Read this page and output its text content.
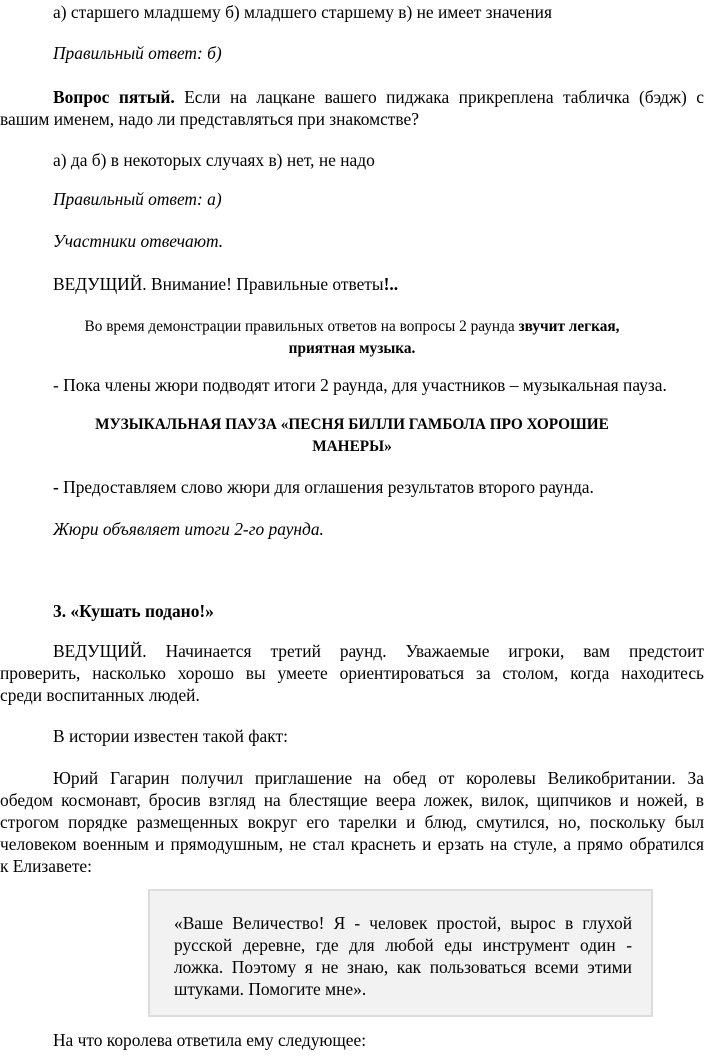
а) старшего младшему б) младшего старшему в) не имеет значения
Правильный ответ: б)
Вопрос пятый. Если на лацкане вашего пиджака прикреплена табличка (бэдж) с
вашим именем, надо ли представляться при знакомстве?
а) да б) в некоторых случаях в) нет, не надо
Правильный ответ: а)
Участники отвечают.
ВЕДУЩИЙ. Внимание! Правильные ответы!..
Во время демонстрации правильных ответов на вопросы 2 раунда звучит легкая,
приятная музыка.
- Пока члены жюри подводят итоги 2 раунда, для участников – музыкальная пауза.
МУЗЫКАЛЬНАЯ ПАУЗА «ПЕСНЯ БИЛЛИ ГАМБОЛА ПРО ХОРОШИЕ
МАНЕРЫ»
- Предоставляем слово жюри для оглашения результатов второго раунда.
Жюри объявляет итоги 2-го раунда.
3. «Кушать подано!»
ВЕДУЩИЙ. Начинается третий раунд. Уважаемые игроки, вам предстоит
проверить, насколько хорошо вы умеете ориентироваться за столом, когда находитесь
среди воспитанных людей.
В истории известен такой факт:
Юрий Гагарин получил приглашение на обед от королевы Великобритании. За
обедом космонавт, бросив взгляд на блестящие веера ложек, вилок, щипчиков и ножей, в
строгом порядке размещенных вокруг его тарелки и блюд, смутился, но, поскольку был
человеком военным и прямодушным, не стал краснеть и ерзать на стуле, а прямо обратился
к Елизавете:
«Ваше Величество! Я - человек простой, вырос в глухой
русской деревне, где для любой еды инструмент один -
ложка. Поэтому я не знаю, как пользоваться всеми этими
штуками. Помогите мне».
На что королева ответила ему следующее:
